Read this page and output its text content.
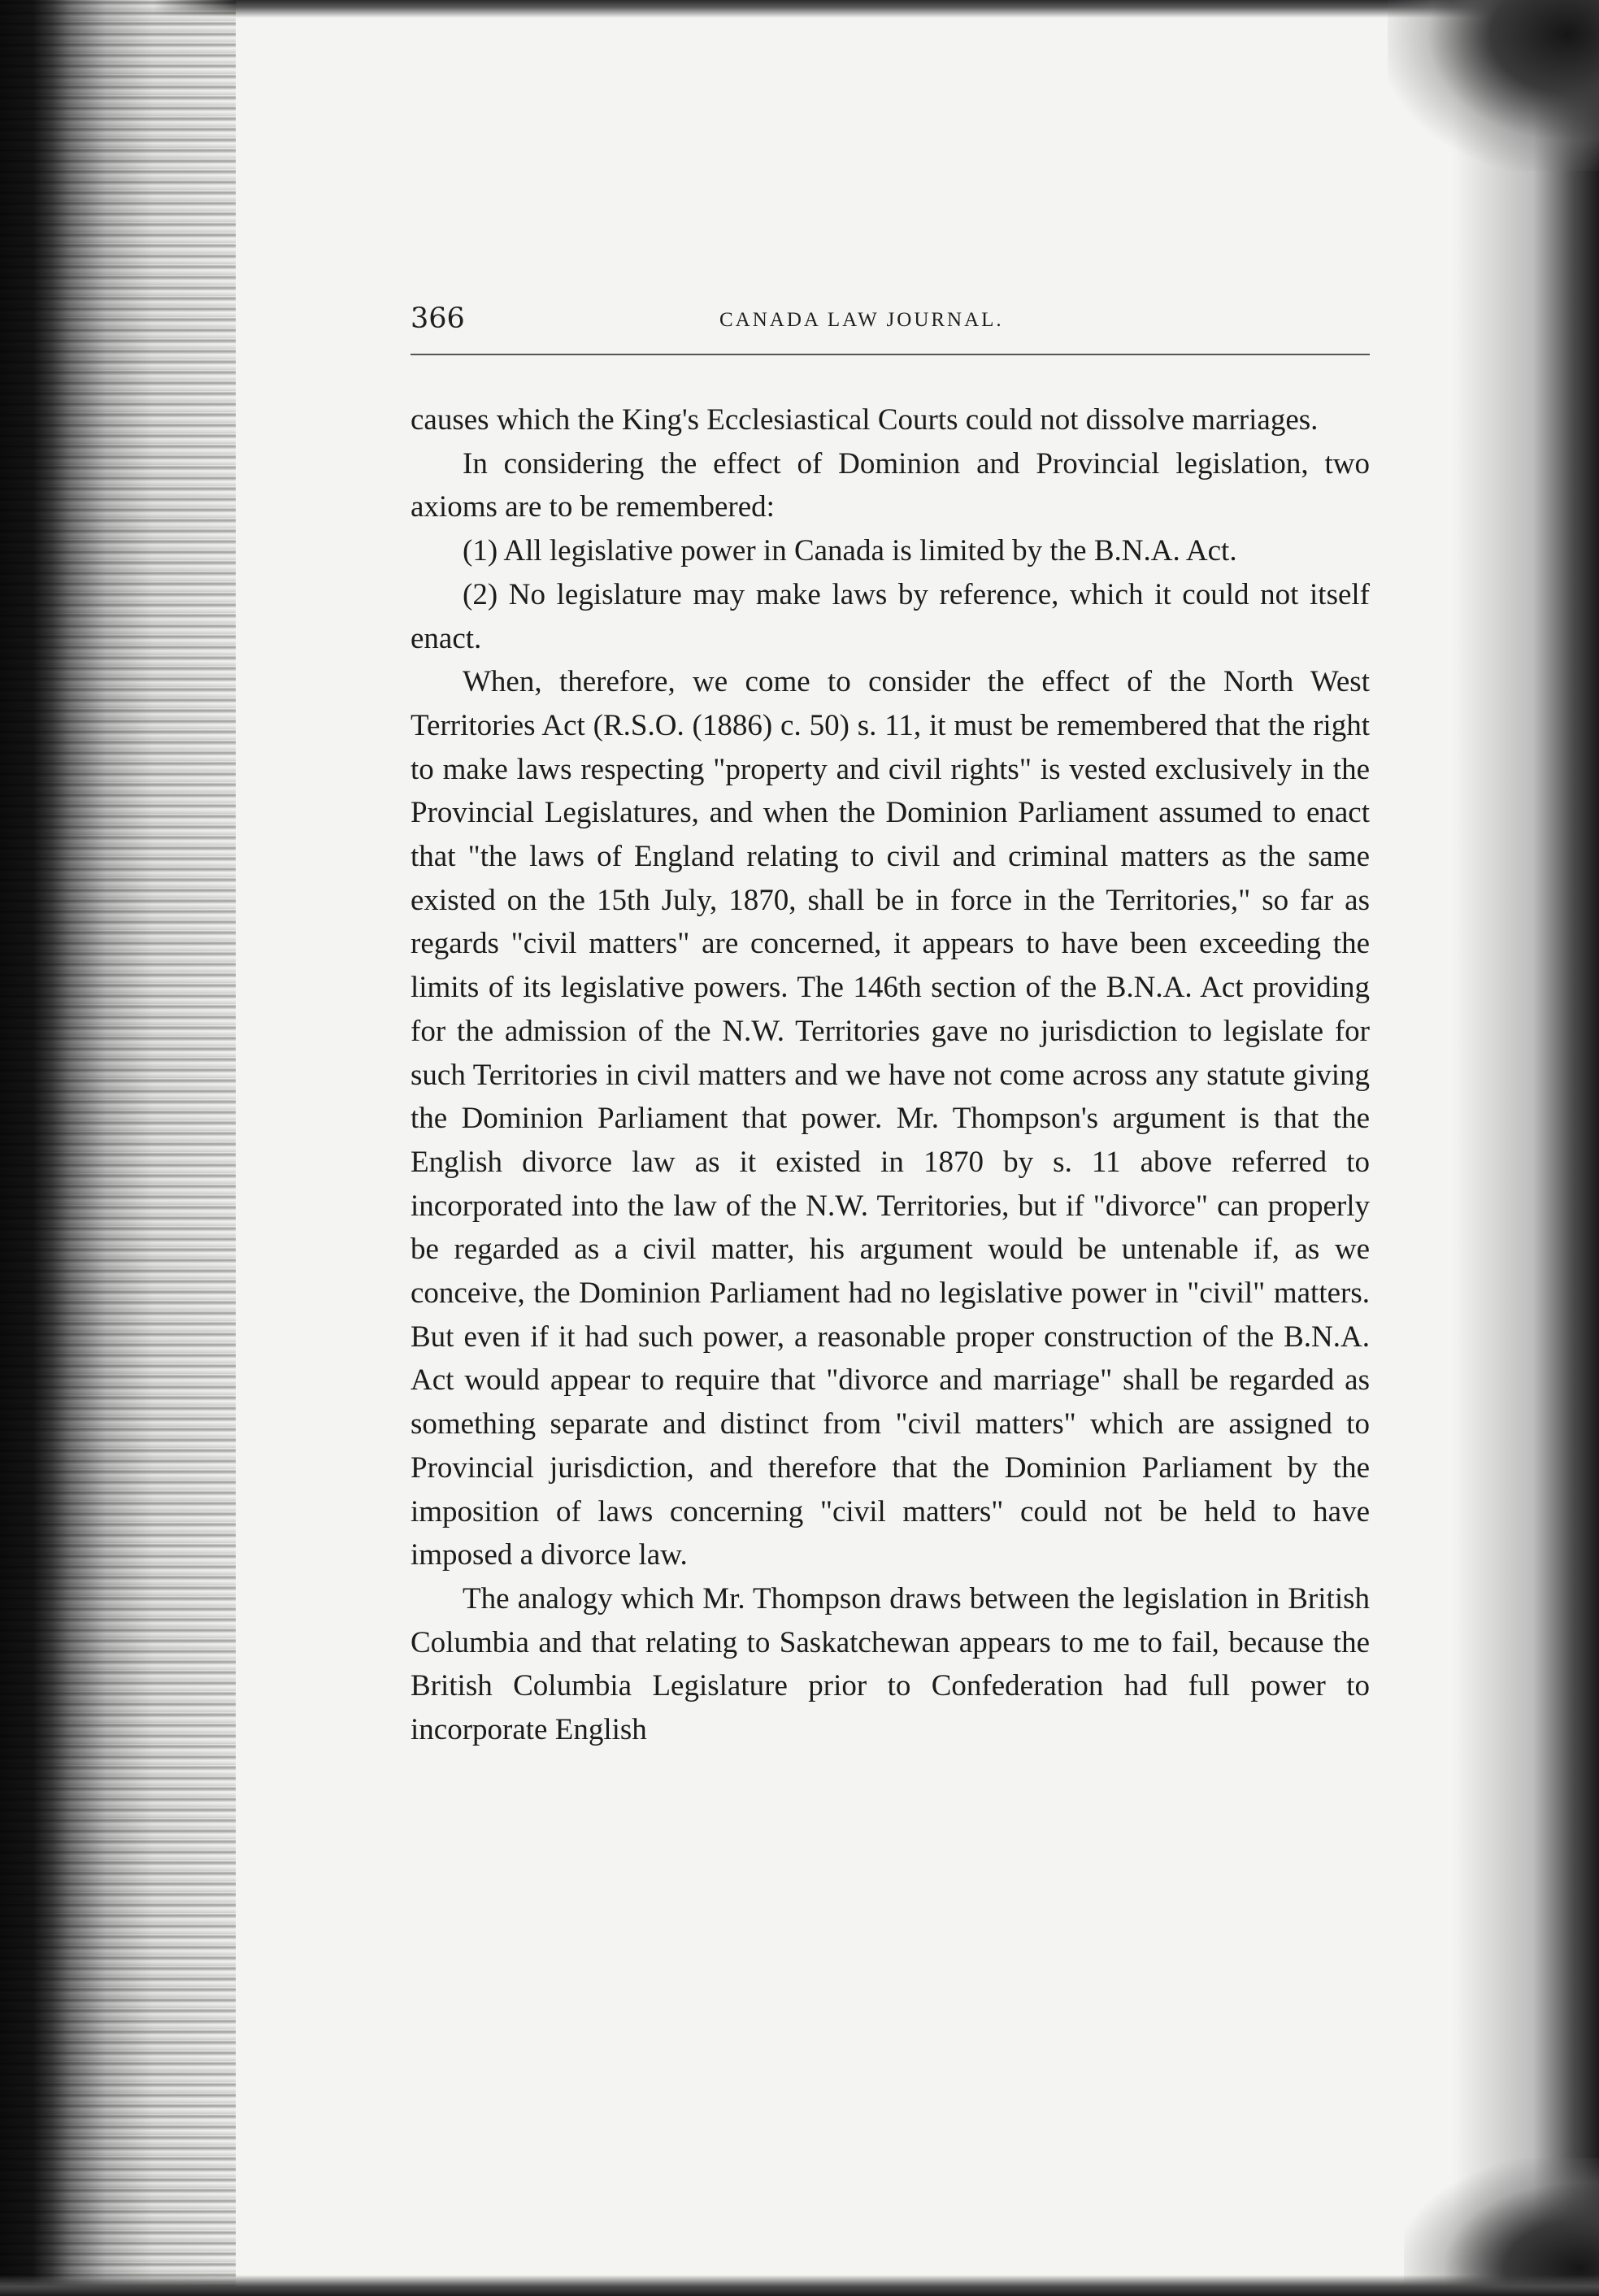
366	CANADA LAW JOURNAL.

causes which the King's Ecclesiastical Courts could not dissolve marriages.

In considering the effect of Dominion and Provincial legislation, two axioms are to be remembered:

(1) All legislative power in Canada is limited by the B.N.A. Act.

(2) No legislature may make laws by reference, which it could not itself enact.

When, therefore, we come to consider the effect of the North West Territories Act (R.S.O. (1886) c. 50) s. 11, it must be remembered that the right to make laws respecting "property and civil rights" is vested exclusively in the Provincial Legislatures, and when the Dominion Parliament assumed to enact that "the laws of England relating to civil and criminal matters as the same existed on the 15th July, 1870, shall be in force in the Territories," so far as regards "civil matters" are concerned, it appears to have been exceeding the limits of its legislative powers. The 146th section of the B.N.A. Act providing for the admission of the N.W. Territories gave no jurisdiction to legislate for such Territories in civil matters and we have not come across any statute giving the Dominion Parliament that power. Mr. Thompson's argument is that the English divorce law as it existed in 1870 by s. 11 above referred to incorporated into the law of the N.W. Territories, but if "divorce" can properly be regarded as a civil matter, his argument would be untenable if, as we conceive, the Dominion Parliament had no legislative power in "civil" matters. But even if it had such power, a reasonable proper construction of the B.N.A. Act would appear to require that "divorce and marriage" shall be regarded as something separate and distinct from "civil matters" which are assigned to Provincial jurisdiction, and therefore that the Dominion Parliament by the imposition of laws concerning "civil matters" could not be held to have imposed a divorce law.

The analogy which Mr. Thompson draws between the legislation in British Columbia and that relating to Saskatchewan appears to me to fail, because the British Columbia Legislature prior to Confederation had full power to incorporate English
